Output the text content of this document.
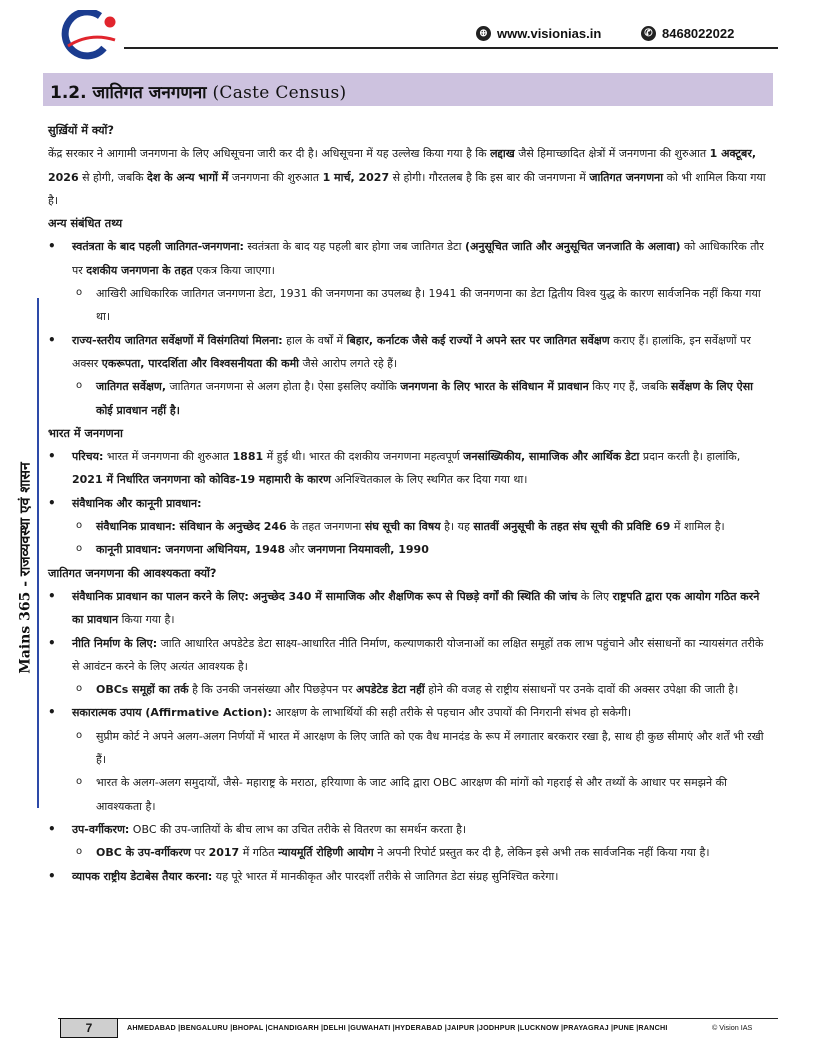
⊕ www.visionias.in	✆ 8468022022
1.2. जातिगत जनगणना (Caste Census)
Mains 365 - राजव्यवस्था एवं शासन
सुर्ख़ियों में क्यों?
केंद्र सरकार ने आगामी जनगणना के लिए अधिसूचना जारी कर दी है। अधिसूचना में यह उल्लेख किया गया है कि लद्दाख जैसे हिमाच्छादित क्षेत्रों में जनगणना की शुरुआत 1 अक्टूबर, 2026 से होगी, जबकि देश के अन्य भागों में जनगणना की शुरुआत 1 मार्च, 2027 से होगी। गौरतलब है कि इस बार की जनगणना में जातिगत जनगणना को भी शामिल किया गया है।
अन्य संबंधित तथ्य
• स्वतंत्रता के बाद पहली जातिगत-जनगणना: स्वतंत्रता के बाद यह पहली बार होगा जब जातिगत डेटा (अनुसूचित जाति और अनुसूचित जनजाति के अलावा) को आधिकारिक तौर पर दशकीय जनगणना के तहत एकत्र किया जाएगा।
o आखिरी आधिकारिक जातिगत जनगणना डेटा, 1931 की जनगणना का उपलब्ध है। 1941 की जनगणना का डेटा द्वितीय विश्व युद्ध के कारण सार्वजनिक नहीं किया गया था।
• राज्य-स्तरीय जातिगत सर्वेक्षणों में विसंगतियां मिलना: हाल के वर्षों में बिहार, कर्नाटक जैसे कई राज्यों ने अपने स्तर पर जातिगत सर्वेक्षण कराए हैं। हालांकि, इन सर्वेक्षणों पर अक्सर एकरूपता, पारदर्शिता और विश्वसनीयता की कमी जैसे आरोप लगते रहे हैं।
o जातिगत सर्वेक्षण, जातिगत जनगणना से अलग होता है। ऐसा इसलिए क्योंकि जनगणना के लिए भारत के संविधान में प्रावधान किए गए हैं, जबकि सर्वेक्षण के लिए ऐसा कोई प्रावधान नहीं है।
भारत में जनगणना
• परिचय: भारत में जनगणना की शुरुआत 1881 में हुई थी। भारत की दशकीय जनगणना महत्वपूर्ण जनसांख्यिकीय, सामाजिक और आर्थिक डेटा प्रदान करती है। हालांकि, 2021 में निर्धारित जनगणना को कोविड-19 महामारी के कारण अनिश्चितकाल के लिए स्थगित कर दिया गया था।
• संवैधानिक और कानूनी प्रावधान:
o संवैधानिक प्रावधान: संविधान के अनुच्छेद 246 के तहत जनगणना संघ सूची का विषय है। यह सातवीं अनुसूची के तहत संघ सूची की प्रविष्टि 69 में शामिल है।
o कानूनी प्रावधान: जनगणना अधिनियम, 1948 और जनगणना नियमावली, 1990
जातिगत जनगणना की आवश्यकता क्यों?
• संवैधानिक प्रावधान का पालन करने के लिए: अनुच्छेद 340 में सामाजिक और शैक्षणिक रूप से पिछड़े वर्गों की स्थिति की जांच के लिए राष्ट्रपति द्वारा एक आयोग गठित करने का प्रावधान किया गया है।
• नीति निर्माण के लिए: जाति आधारित अपडेटेड डेटा साक्ष्य-आधारित नीति निर्माण, कल्याणकारी योजनाओं का लक्षित समूहों तक लाभ पहुंचाने और संसाधनों का न्यायसंगत तरीके से आवंटन करने के लिए अत्यंत आवश्यक है।
o OBCs समूहों का तर्क है कि उनकी जनसंख्या और पिछड़ेपन पर अपडेटेड डेटा नहीं होने की वजह से राष्ट्रीय संसाधनों पर उनके दावों की अक्सर उपेक्षा की जाती है।
• सकारात्मक उपाय (Affirmative Action): आरक्षण के लाभार्थियों की सही तरीके से पहचान और उपायों की निगरानी संभव हो सकेगी।
o सुप्रीम कोर्ट ने अपने अलग-अलग निर्णयों में भारत में आरक्षण के लिए जाति को एक वैध मानदंड के रूप में लगातार बरकरार रखा है, साथ ही कुछ सीमाएं और शर्तें भी रखी हैं।
o भारत के अलग-अलग समुदायों, जैसे- महाराष्ट्र के मराठा, हरियाणा के जाट आदि द्वारा OBC आरक्षण की मांगों को गहराई से और तथ्यों के आधार पर समझने की आवश्यकता है।
• उप-वर्गीकरण: OBC की उप-जातियों के बीच लाभ का उचित तरीके से वितरण का समर्थन करता है।
o OBC के उप-वर्गीकरण पर 2017 में गठित न्यायमूर्ति रोहिणी आयोग ने अपनी रिपोर्ट प्रस्तुत कर दी है, लेकिन इसे अभी तक सार्वजनिक नहीं किया गया है।
• व्यापक राष्ट्रीय डेटाबेस तैयार करना: यह पूरे भारत में मानकीकृत और पारदर्शी तरीके से जातिगत डेटा संग्रह सुनिश्चित करेगा।
7	AHMEDABAD |BENGALURU |BHOPAL |CHANDIGARH |DELHI |GUWAHATI |HYDERABAD |JAIPUR |JODHPUR |LUCKNOW |PRAYAGRAJ |PUNE |RANCHI	© Vision IAS
